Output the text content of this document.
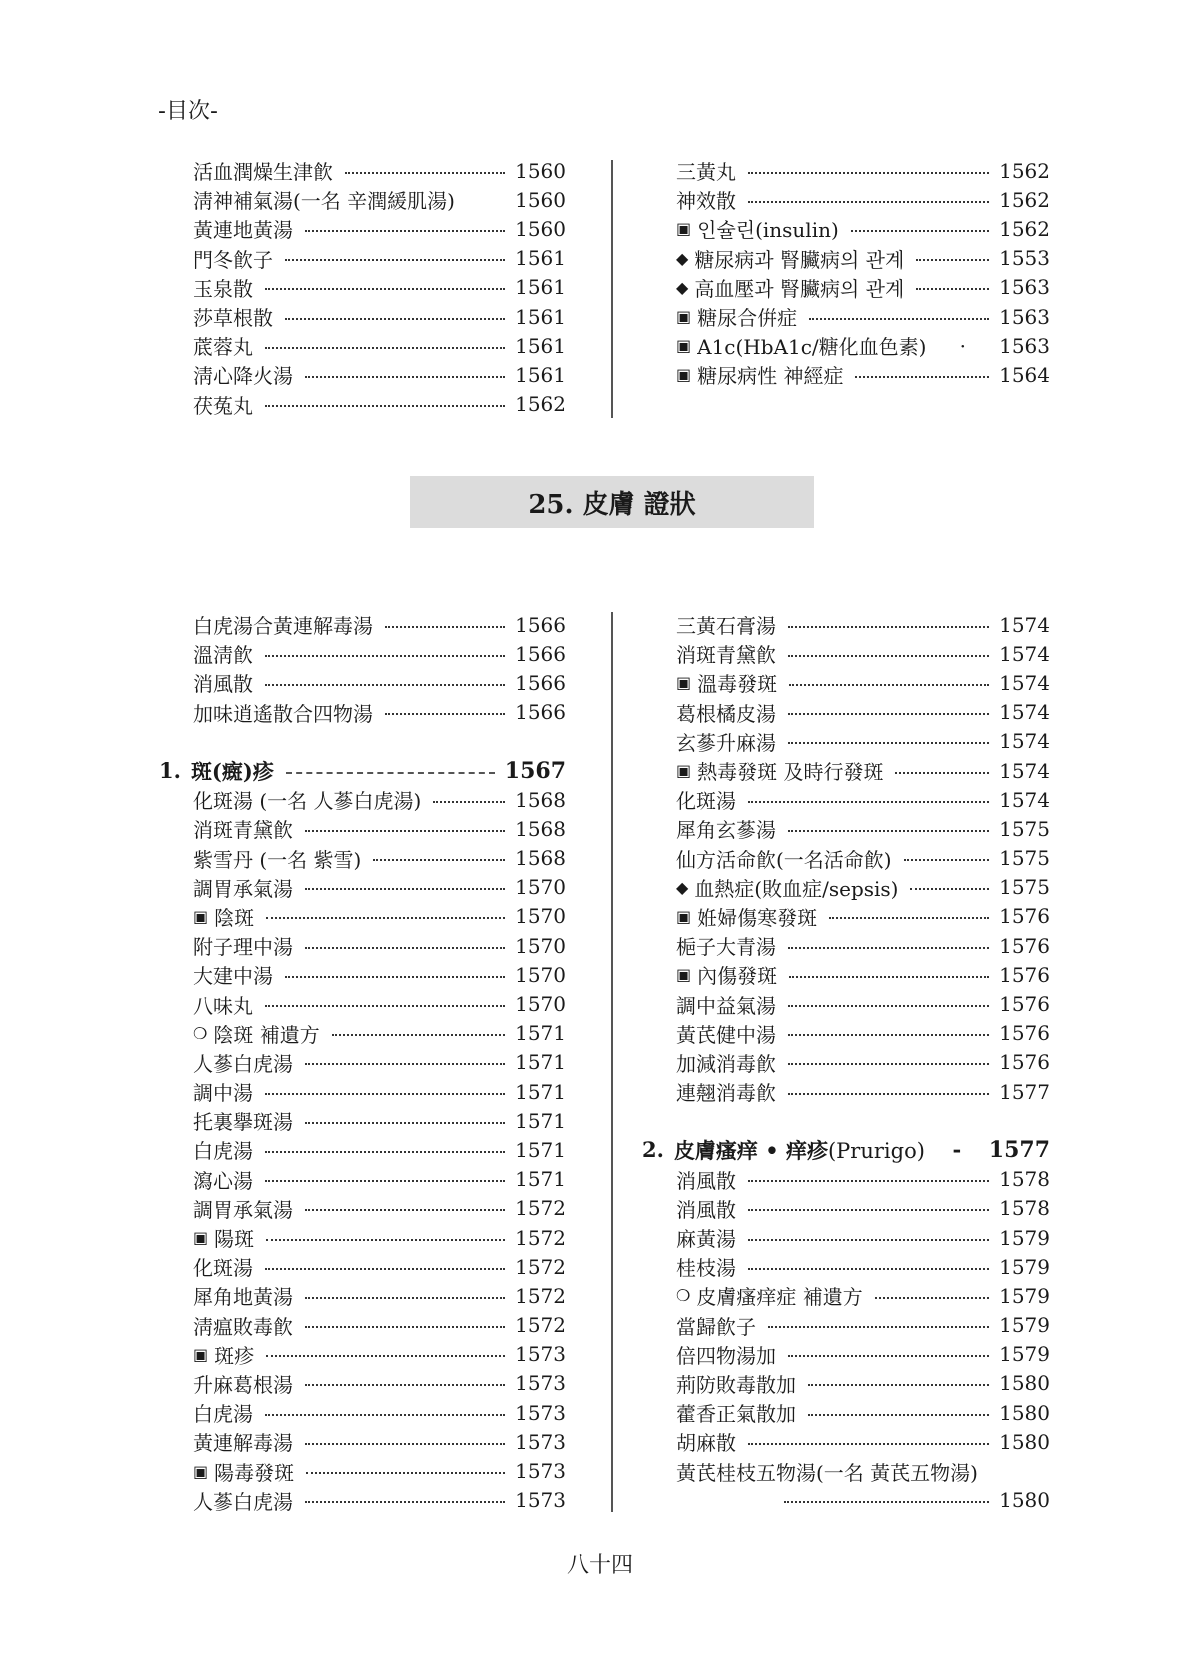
-目次-
活血潤燥生津飮	1560
淸神補氣湯(一名 辛潤緩肌湯)	1560
黃連地黃湯	1560
門冬飮子	1561
玉泉散	1561
莎草根散	1561
菧蓉丸	1561
淸心降火湯	1561
茯菟丸	1562
三黃丸	1562
神效散	1562
▣ 인슐린(insulin)	1562
◆ 糖尿病과 腎臟病의 관계	1553
◆ 高血壓과 腎臟病의 관계	1563
▣ 糖尿合倂症	1563
▣ A1c(HbA1c/糖化血色素)	·	1563
▣ 糖尿病性 神經症	1564
25. 皮膚 證狀
白虎湯合黃連解毒湯	1566
溫淸飮	1566
消風散	1566
加味逍遙散合四物湯	1566
1. 斑(癍)疹	1567
化斑湯 (一名 人蔘白虎湯)	1568
消斑青黛飮	1568
紫雪丹 (一名 紫雪)	1568
調胃承氣湯	1570
▣ 陰斑	1570
附子理中湯	1570
大建中湯	1570
八味丸	1570
❍ 陰斑 補遺方	1571
人蔘白虎湯	1571
調中湯	1571
托裏擧斑湯	1571
白虎湯	1571
瀉心湯	1571
調胃承氣湯	1572
▣ 陽斑	1572
化斑湯	1572
犀角地黃湯	1572
淸瘟敗毒飮	1572
▣ 斑疹	1573
升麻葛根湯	1573
白虎湯	1573
黃連解毒湯	1573
▣ 陽毒發斑	1573
人蔘白虎湯	1573
三黃石膏湯	1574
消斑青黛飮	1574
▣ 溫毒發斑	1574
葛根橘皮湯	1574
玄蔘升麻湯	1574
▣ 熱毒發斑 及時行發斑	1574
化斑湯	1574
犀角玄蔘湯	1575
仙方活命飮(一名活命飮)	1575
◆ 血熱症(敗血症/sepsis)	1575
▣ 姙婦傷寒發斑	1576
梔子大青湯	1576
▣ 內傷發斑	1576
調中益氣湯	1576
黃芪健中湯	1576
加減消毒飮	1576
連翹消毒飮	1577
2. 皮膚瘙痒 • 痒疹(Prurigo)	-	1577
消風散	1578
消風散	1578
麻黃湯	1579
桂枝湯	1579
❍ 皮膚瘙痒症 補遺方	1579
當歸飮子	1579
倍四物湯加	1579
荊防敗毒散加	1580
藿香正氣散加	1580
胡麻散	1580
黃芪桂枝五物湯(一名 黃芪五物湯)
1580
八十四
